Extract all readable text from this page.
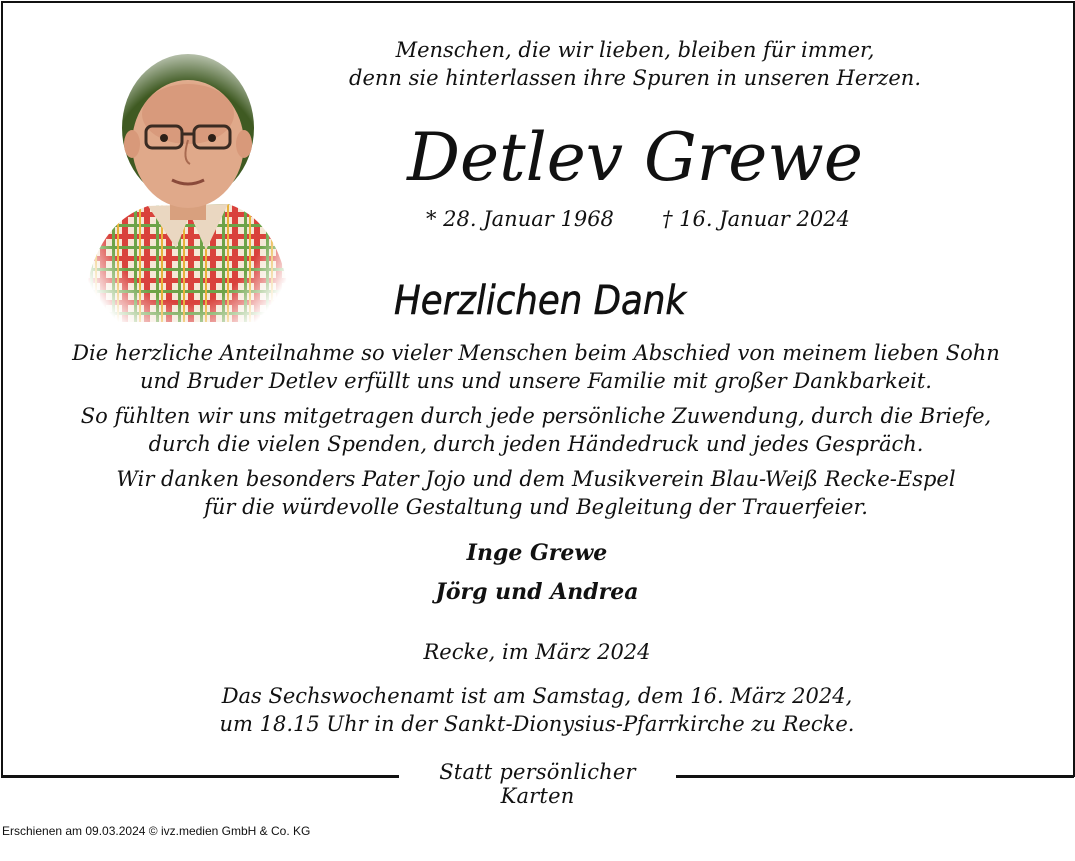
Menschen, die wir lieben, bleiben für immer,
denn sie hinterlassen ihre Spuren in unseren Herzen.
Detlev Grewe
* 28. Januar 1968 † 16. Januar 2024
Herzlichen Dank
Die herzliche Anteilnahme so vieler Menschen beim Abschied von meinem lieben Sohn
und Bruder Detlev erfüllt uns und unsere Familie mit großer Dankbarkeit.
So fühlten wir uns mitgetragen durch jede persönliche Zuwendung, durch die Briefe,
durch die vielen Spenden, durch jeden Händedruck und jedes Gespräch.
Wir danken besonders Pater Jojo und dem Musikverein Blau-Weiß Recke-Espel
für die würdevolle Gestaltung und Begleitung der Trauerfeier.
Inge Grewe
Jörg und Andrea
Recke, im März 2024
Das Sechswochenamt ist am Samstag, dem 16. März 2024,
um 18.15 Uhr in der Sankt-Dionysius-Pfarrkirche zu Recke.
Statt persönlicher Karten
Erschienen am 09.03.2024 © ivz.medien GmbH & Co. KG
